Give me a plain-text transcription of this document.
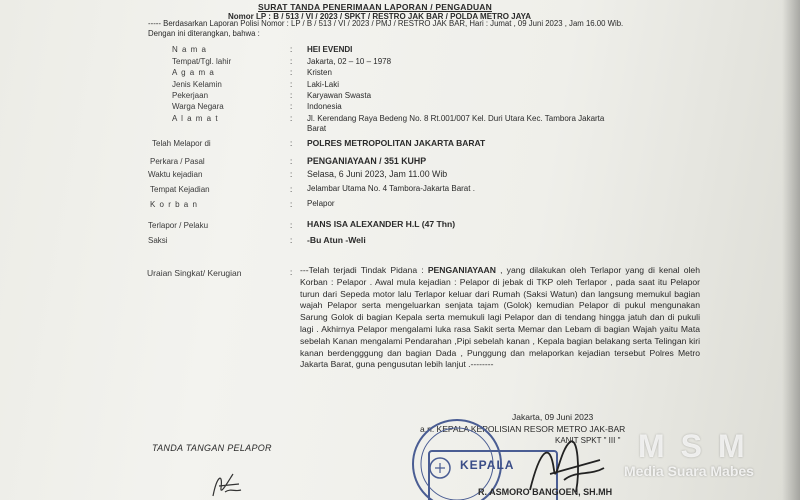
SURAT TANDA PENERIMAAN LAPORAN / PENGADUAN
Nomor LP : B / 513 / VI / 2023 / SPKT / RESTRO JAK BAR / POLDA METRO JAYA
----- Berdasarkan Laporan Polisi Nomor : LP / B / 513 / VI / 2023 / PMJ / RESTRO JAK BAR, Hari : Jumat , 09 Juni 2023 , Jam 16.00 Wib. Dengan ini diterangkan, bahwa :
N a m a	: HEI EVENDI
Tempat/Tgl. lahir	: Jakarta, 02 – 10 – 1978
A g a m a	: Kristen
Jenis Kelamin	: Laki-Laki
Pekerjaan	: Karyawan Swasta
Warga Negara	: Indonesia
A l a m a t	: Jl. Kerendang Raya Bedeng No. 8 Rt.001/007 Kel. Duri Utara Kec. Tambora Jakarta
Barat
Telah Melapor di	: POLRES METROPOLITAN JAKARTA BARAT
Perkara / Pasal	: PENGANIAYAAN / 351 KUHP
Waktu kejadian	: Selasa, 6 Juni 2023, Jam 11.00 Wib
Tempat Kejadian	: Jelambar Utama No. 4 Tambora-Jakarta Barat .
K o r b a n	: Pelapor
Terlapor / Pelaku	: HANS ISA ALEXANDER H.L (47 Thn)
Saksi	: -Bu Atun -Weli
Uraian Singkat/ Kerugian	: ---Telah terjadi Tindak Pidana : PENGANIAYAAN , yang dilakukan oleh Terlapor yang di kenal oleh Korban : Pelapor . Awal mula kejadian : Pelapor di jebak di TKP oleh Terlapor , pada saat itu Pelapor turun dari Sepeda motor lalu Terlapor keluar dari Rumah (Saksi Watun) dan langsung memukul bagian wajah Pelapor serta mengeluarkan senjata tajam (Golok) kemudian Pelapor di pukul mengunakan Sarung Golok di bagian Kepala serta memukuli lagi Pelapor dan di tendang hingga jatuh dan di pukuli lagi . Akhirnya Pelapor mengalami luka rasa Sakit serta Memar dan Lebam di bagian Wajah yaitu Mata sebelah Kanan mengalami Pendarahan ,Pipi sebelah kanan , Kepala bagian belakang serta Telingan kiri kanan berdengggung dan bagian Dada , Punggung dan melaporkan kejadian tersebut Polres Metro Jakarta Barat, guna pengusutan lebih lanjut .--------
TANDA TANGAN PELAPOR
Jakarta, 09 Juni 2023
a.n. KEPALA KEPOLISIAN RESOR METRO JAK-BAR
KANIT SPKT " III "
KEPALA
R. ASMORO BANGOEN, SH.MH
MSM
Media Suara Mabes
